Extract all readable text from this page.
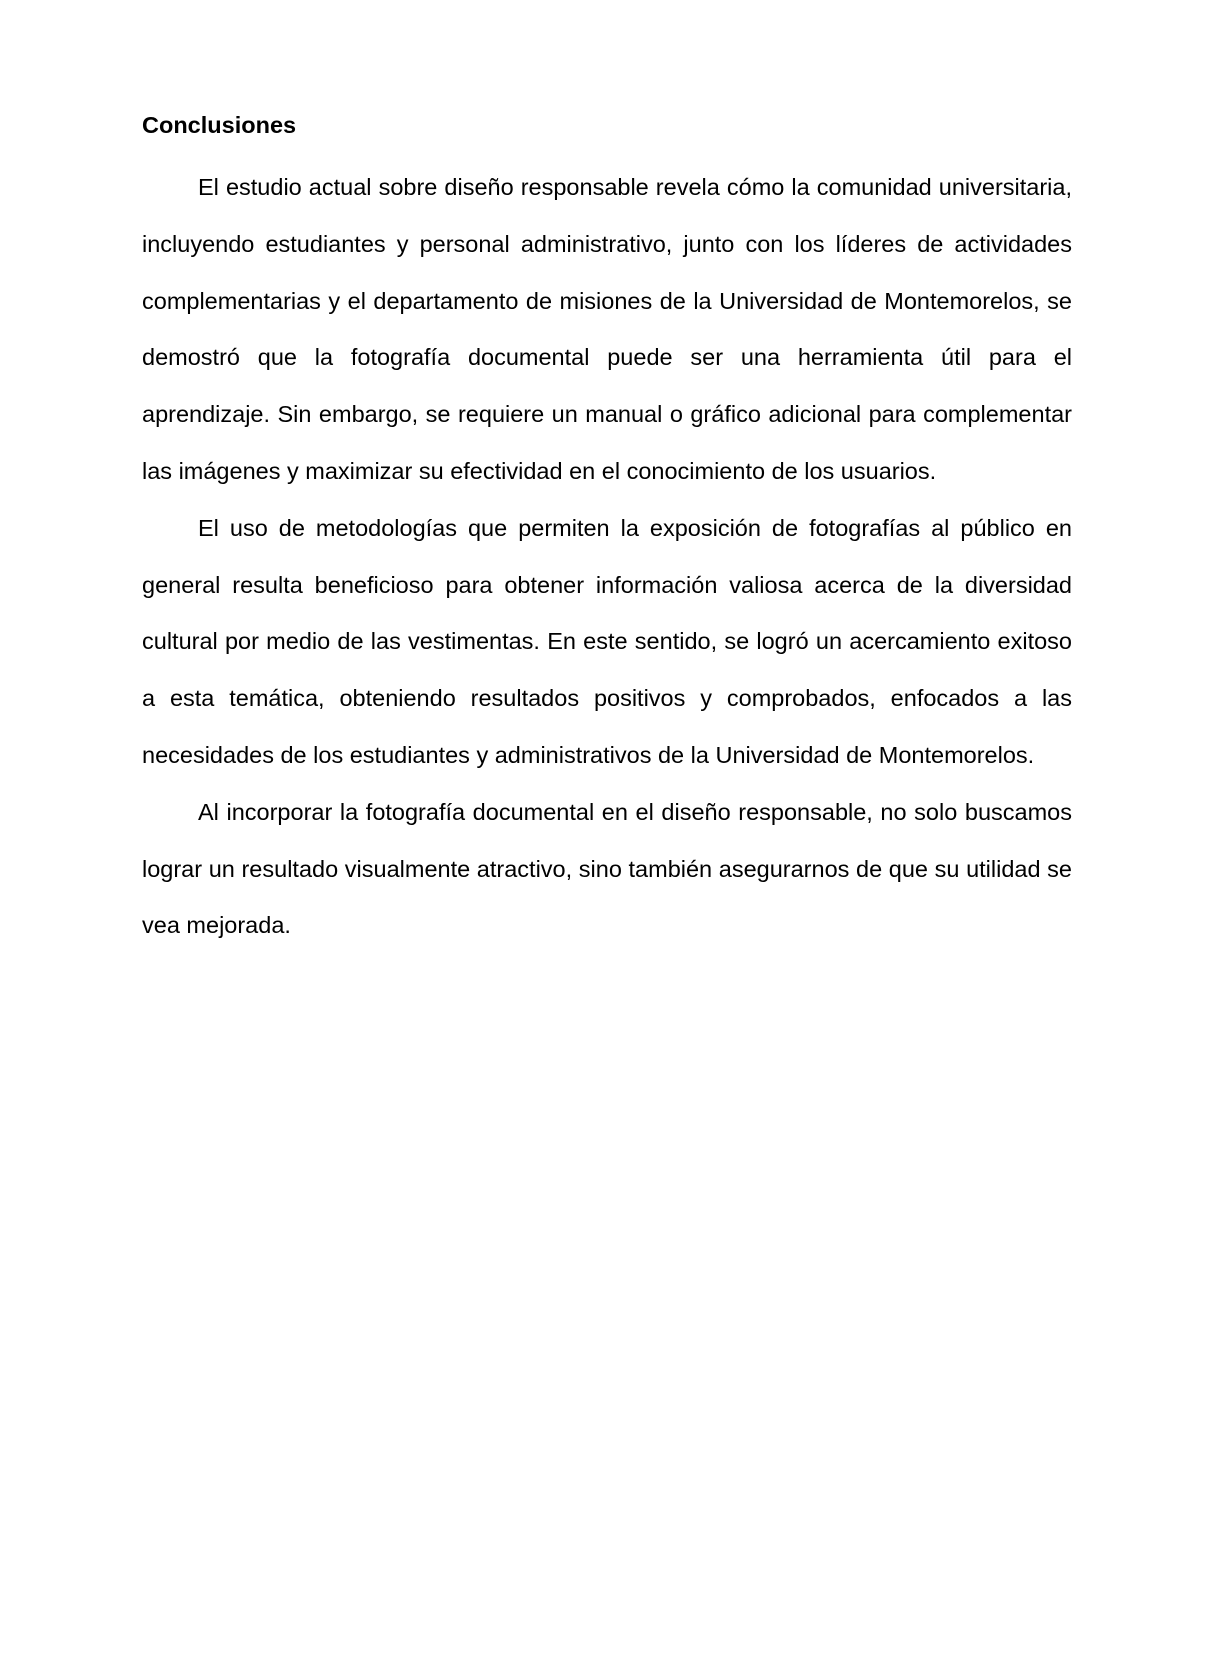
Conclusiones

El estudio actual sobre diseño responsable revela cómo la comunidad universitaria, incluyendo estudiantes y personal administrativo, junto con los líderes de actividades complementarias y el departamento de misiones de la Universidad de Montemorelos, se demostró que la fotografía documental puede ser una herramienta útil para el aprendizaje. Sin embargo, se requiere un manual o gráfico adicional para complementar las imágenes y maximizar su efectividad en el conocimiento de los usuarios.

El uso de metodologías que permiten la exposición de fotografías al público en general resulta beneficioso para obtener información valiosa acerca de la diversidad cultural por medio de las vestimentas. En este sentido, se logró un acercamiento exitoso a esta temática, obteniendo resultados positivos y comprobados, enfocados a las necesidades de los estudiantes y administrativos de la Universidad de Montemorelos.

Al incorporar la fotografía documental en el diseño responsable, no solo buscamos lograr un resultado visualmente atractivo, sino también asegurarnos de que su utilidad se vea mejorada.
